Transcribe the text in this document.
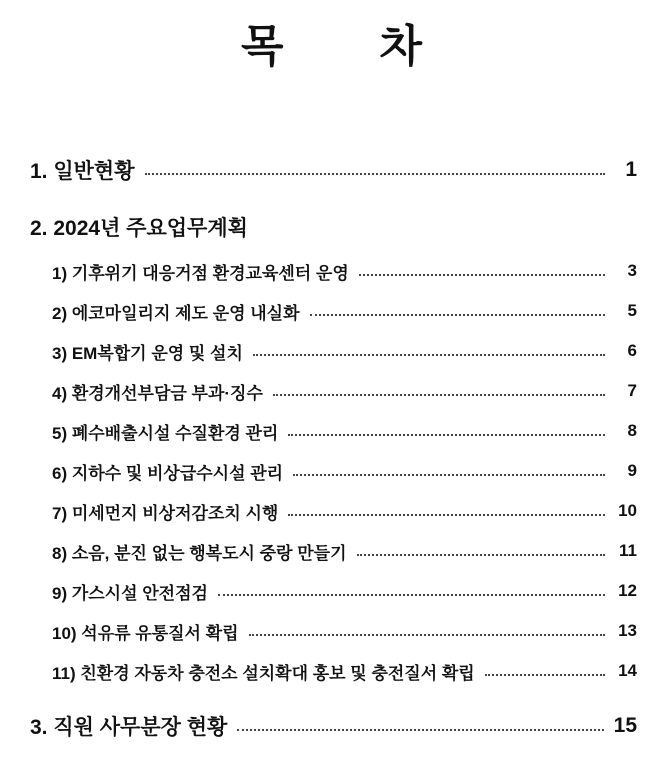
목 차
1. 일반현황	1
2. 2024년 주요업무계획
1) 기후위기 대응거점 환경교육센터 운영	3
2) 에코마일리지 제도 운영 내실화	5
3) EM복합기 운영 및 설치	6
4) 환경개선부담금 부과·징수	7
5) 폐수배출시설 수질환경 관리	8
6) 지하수 및 비상급수시설 관리	9
7) 미세먼지 비상저감조치 시행	10
8) 소음, 분진 없는 행복도시 중랑 만들기	11
9) 가스시설 안전점검	12
10) 석유류 유통질서 확립	13
11) 친환경 자동차 충전소 설치확대 홍보 및 충전질서 확립	14
3. 직원 사무분장 현황	15
